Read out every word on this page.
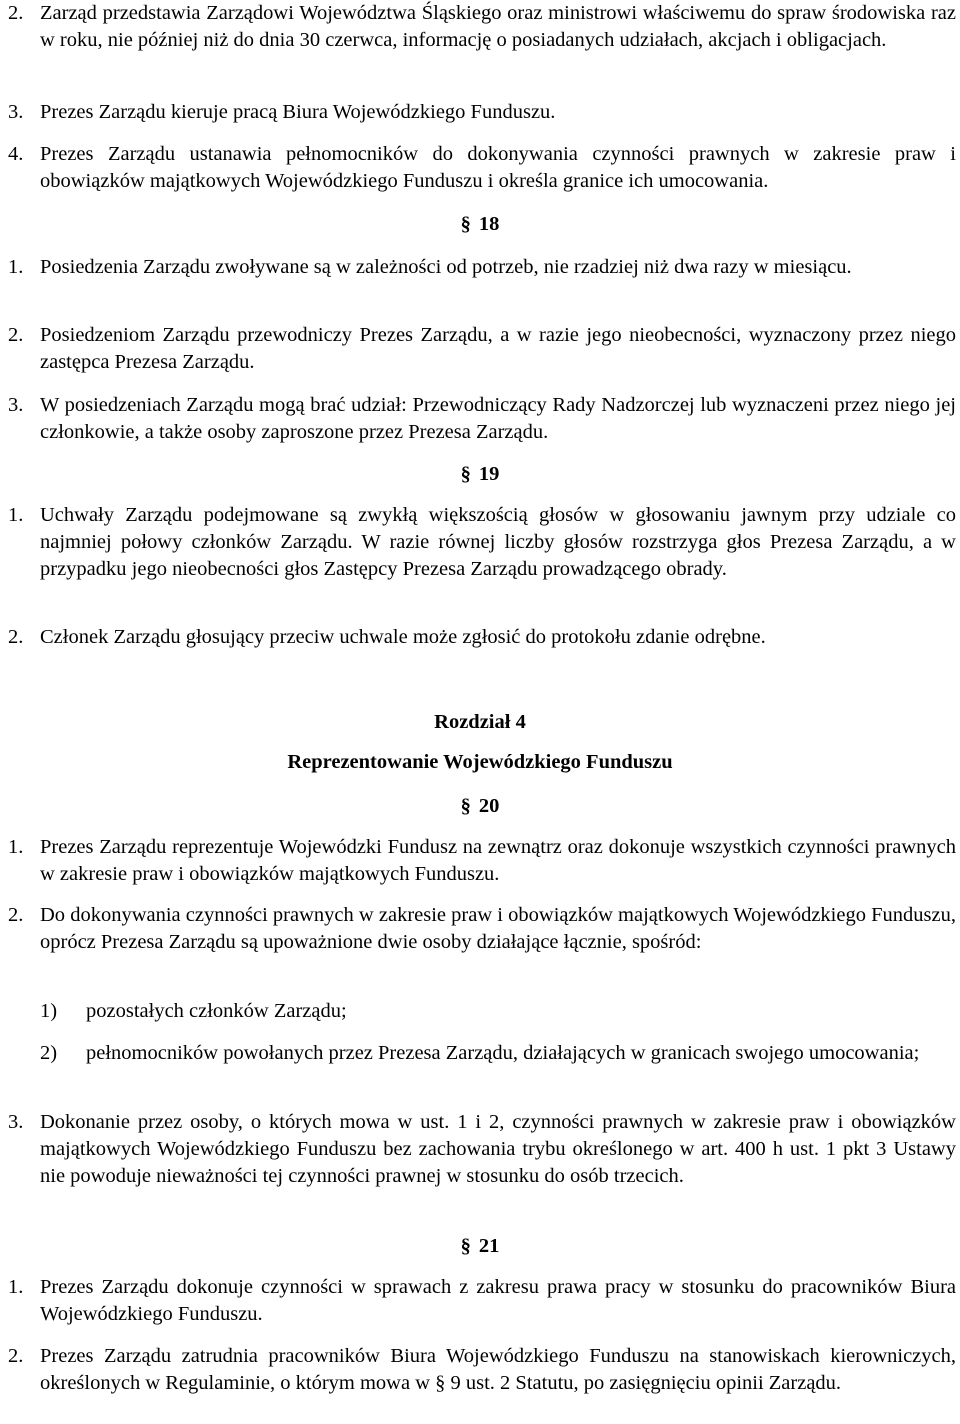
2. Zarząd przedstawia Zarządowi Województwa Śląskiego oraz ministrowi właściwemu do spraw środowiska raz w roku, nie później niż do dnia 30 czerwca, informację o posiadanych udziałach, akcjach i obligacjach.
3. Prezes Zarządu kieruje pracą Biura Wojewódzkiego Funduszu.
4. Prezes Zarządu ustanawia pełnomocników do dokonywania czynności prawnych w zakresie praw i obowiązków majątkowych Wojewódzkiego Funduszu i określa granice ich umocowania.
§ 18
1. Posiedzenia Zarządu zwoływane są w zależności od potrzeb, nie rzadziej niż dwa razy w miesiącu.
2. Posiedzeniom Zarządu przewodniczy Prezes Zarządu, a w razie jego nieobecności, wyznaczony przez niego zastępca Prezesa Zarządu.
3. W posiedzeniach Zarządu mogą brać udział: Przewodniczący Rady Nadzorczej lub wyznaczeni przez niego jej członkowie, a także osoby zaproszone przez Prezesa Zarządu.
§ 19
1. Uchwały Zarządu podejmowane są zwykłą większością głosów w głosowaniu jawnym przy udziale co najmniej połowy członków Zarządu. W razie równej liczby głosów rozstrzyga głos Prezesa Zarządu, a w przypadku jego nieobecności głos Zastępcy Prezesa Zarządu prowadzącego obrady.
2. Członek Zarządu głosujący przeciw uchwale może zgłosić do protokołu zdanie odrębne.
Rozdział 4
Reprezentowanie Wojewódzkiego Funduszu
§ 20
1. Prezes Zarządu reprezentuje Wojewódzki Fundusz na zewnątrz oraz dokonuje wszystkich czynności prawnych w zakresie praw i obowiązków majątkowych Funduszu.
2. Do dokonywania czynności prawnych w zakresie praw i obowiązków majątkowych Wojewódzkiego Funduszu, oprócz Prezesa Zarządu są upoważnione dwie osoby działające łącznie, spośród:
1)	pozostałych członków Zarządu;
2)	pełnomocników powołanych przez Prezesa Zarządu, działających w granicach swojego umocowania;
3. Dokonanie przez osoby, o których mowa w ust. 1 i 2, czynności prawnych w zakresie praw i obowiązków majątkowych Wojewódzkiego Funduszu bez zachowania trybu określonego w art. 400 h ust. 1 pkt 3 Ustawy nie powoduje nieważności tej czynności prawnej w stosunku do osób trzecich.
§ 21
1. Prezes Zarządu dokonuje czynności w sprawach z zakresu prawa pracy w stosunku do pracowników Biura Wojewódzkiego Funduszu.
2. Prezes Zarządu zatrudnia pracowników Biura Wojewódzkiego Funduszu na stanowiskach kierowniczych, określonych w Regulaminie, o którym mowa w § 9 ust. 2 Statutu, po zasięgnięciu opinii Zarządu.
